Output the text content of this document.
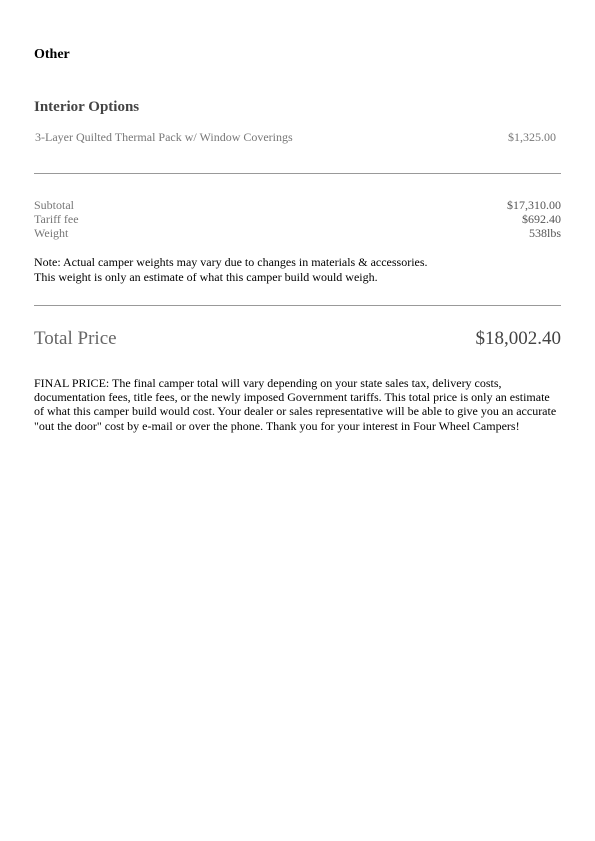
Other
Interior Options
3-Layer Quilted Thermal Pack w/ Window Coverings	$1,325.00
Subtotal	$17,310.00
Tariff fee	$692.40
Weight	538lbs
Note: Actual camper weights may vary due to changes in materials & accessories.
This weight is only an estimate of what this camper build would weigh.
Total Price	$18,002.40

FINAL PRICE: The final camper total will vary depending on your state sales tax, delivery costs, documentation fees, title fees, or the newly imposed Government tariffs. This total price is only an estimate of what this camper build would cost. Your dealer or sales representative will be able to give you an accurate "out the door" cost by e-mail or over the phone. Thank you for your interest in Four Wheel Campers!
